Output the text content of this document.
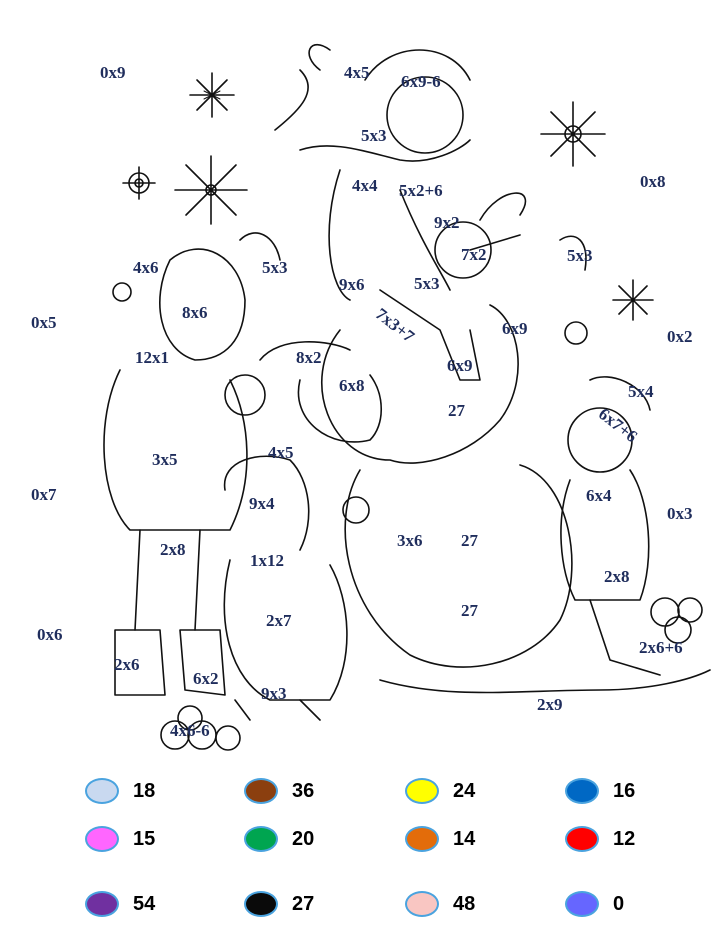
0x9	4x5 6x9-6
5x3
4x4 5x2+6	0x8
9x2
7x2
4x6	5x3
5x3
5x3
9x6
7x3+7
0x5
8x6
6x9	0x2
12x1	8x2	6x9
6x8
27
5x4
6x7+6
4x5
3x5
0x7	9x4	6x4
0x3
3x6 27
2x8
1x12
2x8
27
0x6
2x7
2x6+6
2x6
6x2
9x3
2x9
4x6-6
18	36	24	16
15	20	14	12
54	27	48	0
